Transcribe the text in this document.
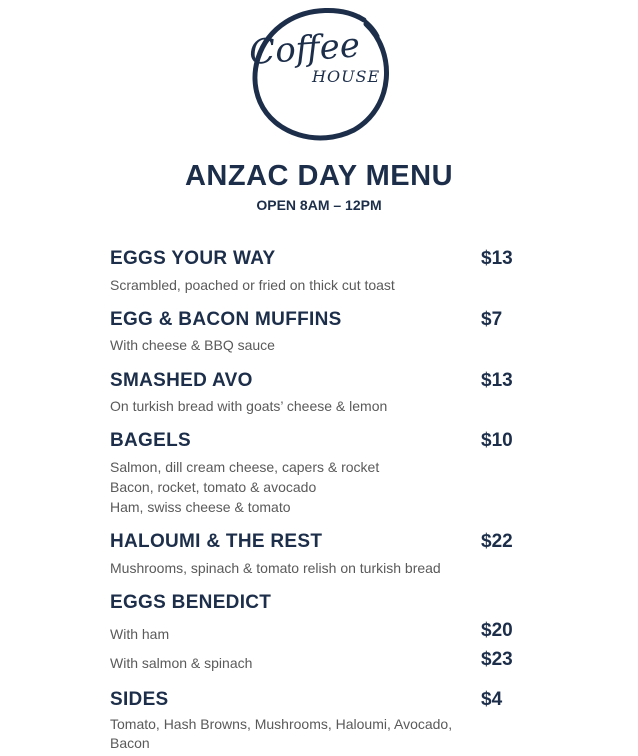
Coffee
HOUSE
ANZAC DAY MENU
OPEN 8AM – 12PM
EGGS YOUR WAY	$13
Scrambled, poached or fried on thick cut toast
EGG & BACON MUFFINS	$7
With cheese & BBQ sauce
SMASHED AVO	$13
On turkish bread with goats’ cheese & lemon
BAGELS	$10
Salmon, dill cream cheese, capers & rocket
Bacon, rocket, tomato & avocado
Ham, swiss cheese & tomato
HALOUMI & THE REST	$22
Mushrooms, spinach & tomato relish on turkish bread
EGGS BENEDICT
With ham	$20
With salmon & spinach	$23
SIDES	$4
Tomato, Hash Browns, Mushrooms, Haloumi, Avocado,
Bacon
